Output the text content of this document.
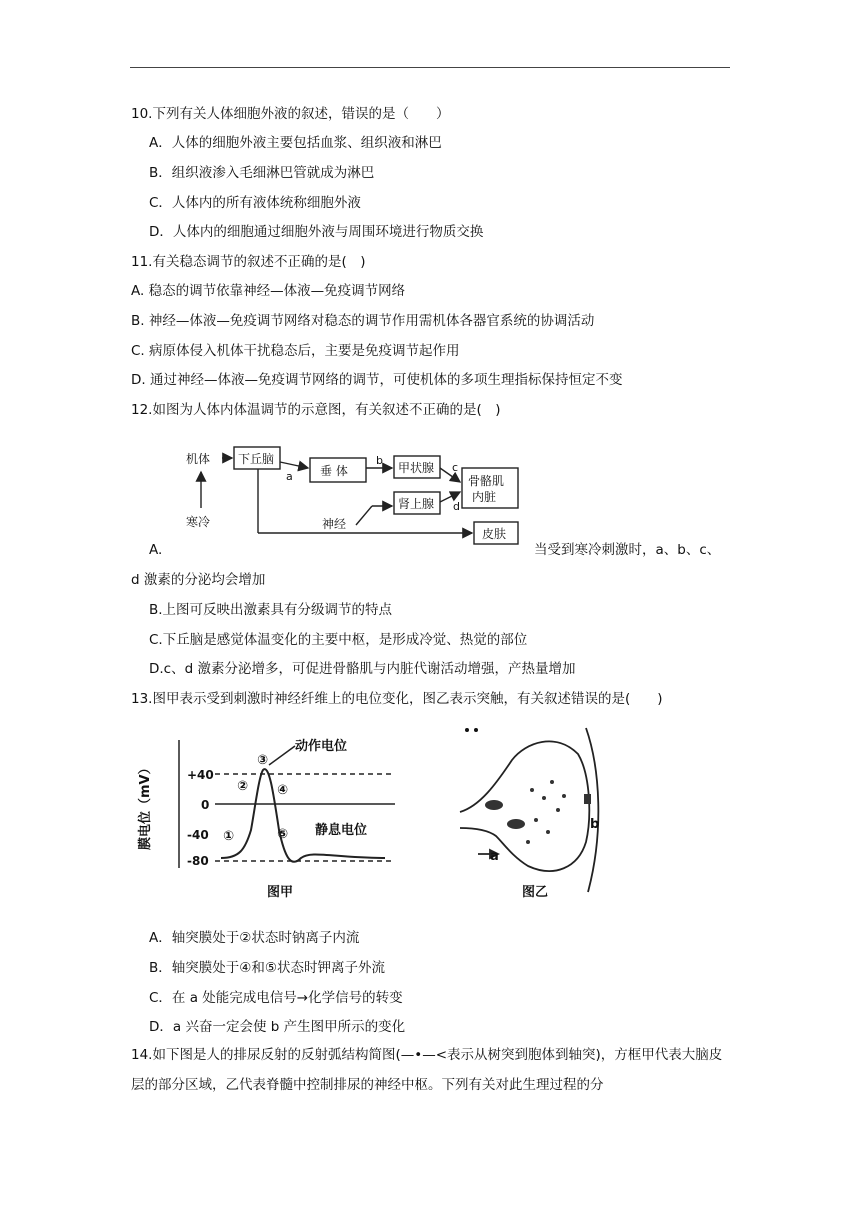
10.下列有关人体细胞外液的叙述，错误的是（　　）
A．人体的细胞外液主要包括血浆、组织液和淋巴
B．组织液渗入毛细淋巴管就成为淋巴
C．人体内的所有液体统称细胞外液
D．人体内的细胞通过细胞外液与周围环境进行物质交换
11.有关稳态调节的叙述不正确的是(　)
A. 稳态的调节依靠神经—体液—免疫调节网络
B. 神经—体液—免疫调节网络对稳态的调节作用需机体各器官系统的协调活动
C. 病原体侵入机体干扰稳态后，主要是免疫调节起作用
D. 通过神经—体液—免疫调节网络的调节，可使机体的多项生理指标保持恒定不变
12.如图为人体内体温调节的示意图，有关叙述不正确的是(　)
机体 下丘脑
垂 体	甲状腺
肾上腺
骨骼肌
内脏
皮肤
神经
寒冷
a
b
c
d
A.	当受到寒冷刺激时，a、b、c、
d 激素的分泌均会增加
B.上图可反映出激素具有分级调节的特点
C.下丘脑是感觉体温变化的主要中枢，是形成冷觉、热觉的部位
D.c、d 激素分泌增多，可促进骨骼肌与内脏代谢活动增强，产热量增加
13.图甲表示受到刺激时神经纤维上的电位变化，图乙表示突触，有关叙述错误的是(　　)
膜电位（mV）	+40
0
-40
-80
动作电位
静息电位
①
②
③
④
⑤
图甲
a
b
图乙
A．轴突膜处于②状态时钠离子内流
B．轴突膜处于④和⑤状态时钾离子外流
C．在 a 处能完成电信号→化学信号的转变
D．a 兴奋一定会使 b 产生图甲所示的变化
14.如下图是人的排尿反射的反射弧结构简图(—•—<表示从树突到胞体到轴突)，方框甲代表大脑皮层的部分区域，乙代表脊髓中控制排尿的神经中枢。下列有关对此生理过程的分
